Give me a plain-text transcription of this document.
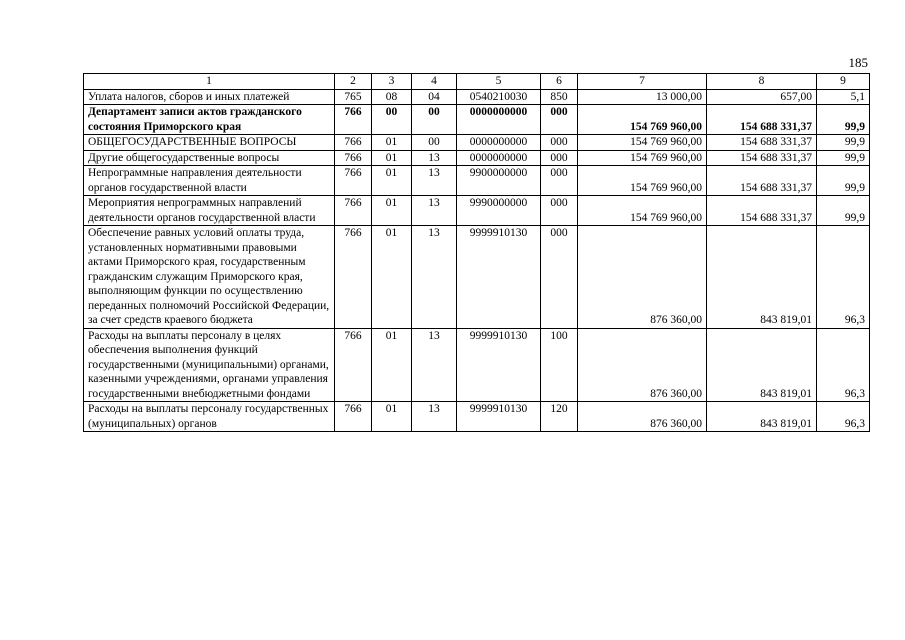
185
1	2	3	4	5	6	7	8	9
Уплата налогов, сборов и иных платежей	765	08	04	0540210030	850	13 000,00	657,00	5,1
Департамент записи актов гражданского состояния Приморского края	766	00	00	0000000000	000	154 769 960,00	154 688 331,37	99,9
ОБЩЕГОСУДАРСТВЕННЫЕ ВОПРОСЫ	766	01	00	0000000000	000	154 769 960,00	154 688 331,37	99,9
Другие общегосударственные вопросы	766	01	13	0000000000	000	154 769 960,00	154 688 331,37	99,9
Непрограммные направления деятельности органов государственной власти	766	01	13	9900000000	000	154 769 960,00	154 688 331,37	99,9
Мероприятия непрограммных направлений деятельности органов государственной власти	766	01	13	9990000000	000	154 769 960,00	154 688 331,37	99,9
Обеспечение равных условий оплаты труда, установленных нормативными правовыми актами Приморского края, государственным гражданским служащим Приморского края, выполняющим функции по осуществлению переданных полномочий Российской Федерации, за счет средств краевого бюджета	766	01	13	9999910130	000	876 360,00	843 819,01	96,3
Расходы на выплаты персоналу в целях обеспечения выполнения функций государственными (муниципальными) органами, казенными учреждениями, органами управления государственными внебюджетными фондами	766	01	13	9999910130	100	876 360,00	843 819,01	96,3
Расходы на выплаты персоналу государственных (муниципальных) органов	766	01	13	9999910130	120	876 360,00	843 819,01	96,3
